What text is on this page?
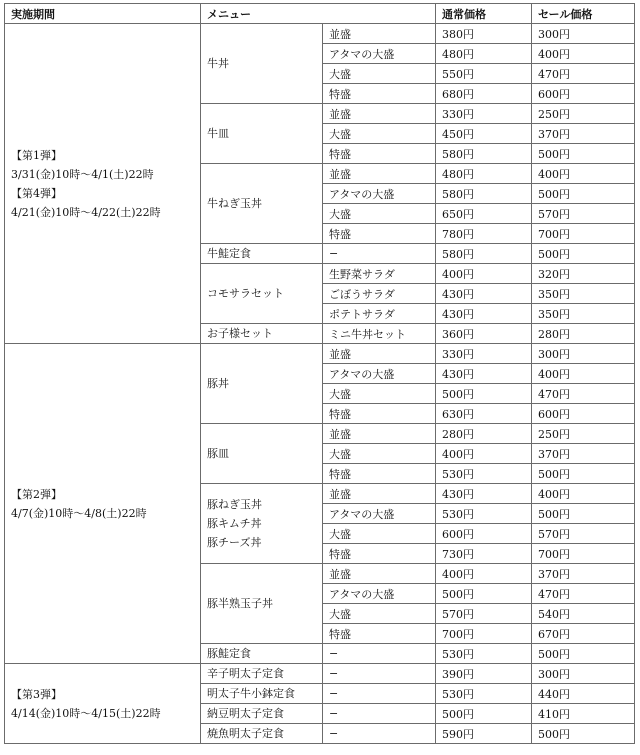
実施期間	メニュー		通常価格	セール価格

【第1弾】
3/31(金)10時〜4/1(土)22時
【第4弾】
4/21(金)10時〜4/22(土)22時	牛丼	並盛	380円	300円
		アタマの大盛	480円	400円
		大盛	550円	470円
		特盛	680円	600円

	牛皿	並盛	330円	250円
		大盛	450円	370円
		特盛	580円	500円

	牛ねぎ玉丼	並盛	480円	400円
		アタマの大盛	580円	500円
		大盛	650円	570円
		特盛	780円	700円

	牛鮭定食	−	580円	500円

	コモサラセット	生野菜サラダ	400円	320円
		ごぼうサラダ	430円	350円
		ポテトサラダ	430円	350円

	お子様セット	ミニ牛丼セット	360円	280円

【第2弾】
4/7(金)10時〜4/8(土)22時	豚丼	並盛	330円	300円
		アタマの大盛	430円	400円
		大盛	500円	470円
		特盛	630円	600円

	豚皿	並盛	280円	250円
		大盛	400円	370円
		特盛	530円	500円

	豚ねぎ玉丼
豚キムチ丼
豚チーズ丼	並盛	430円	400円
		アタマの大盛	530円	500円
		大盛	600円	570円
		特盛	730円	700円

	豚半熟玉子丼	並盛	400円	370円
		アタマの大盛	500円	470円
		大盛	570円	540円
		特盛	700円	670円

	豚鮭定食	−	530円	500円

【第3弾】
4/14(金)10時〜4/15(土)22時	辛子明太子定食	−	390円	300円

	明太子牛小鉢定食	−	530円	440円

	納豆明太子定食	−	500円	410円

	焼魚明太子定食	−	590円	500円
